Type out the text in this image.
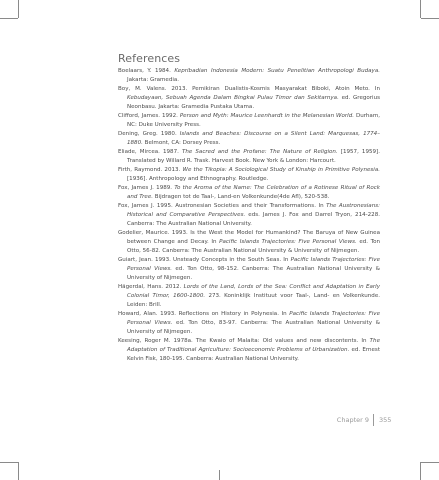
References

Boelaars, Y. 1984. Kepribadian Indonesia Modern: Suatu Penelitian Anthropologi Budaya. Jakarta: Gramedia.

Boy, M. Valens. 2013. Pemikiran Dualistis-Kosmis Masyarakat Biboki, Atoin Meto. In Kebudayaan, Sebuah Agenda Dalam Bingkai Pulau Timor dan Sekitarnya. ed. Gregorius Neonbasu. Jakarta: Gramedia Pustaka Utama.

Clifford, James. 1992. Person and Myth: Maurice Leenhardt in the Melanesian World. Durham, NC: Duke University Press.

Dening, Greg. 1980. Islands and Beaches: Discourse on a Silent Land: Marquesas, 1774–1880. Belmont, CA: Dorsey Press.

Eliade, Mircea. 1987. The Sacred and the Profane: The Nature of Religion. [1957, 1959]. Translated by Willard R. Trask. Harvest Book. New York & London: Harcourt.

Firth, Raymond. 2013. We the Tikopia: A Sociological Study of Kinship in Primitive Polynesia. [1936]. Anthropology and Ethnography. Routledge.

Fox, James J. 1989. To the Aroma of the Name: The Celebration of a Rotinese Ritual of Rock and Tree. Bijdragen tot de Taal-, Land-en Volkenkunde(4de Afl), 520-538.

Fox, James J. 1995. Austronesian Societies and their Transformations. In The Austronesians: Historical and Comparative Perspectives. eds. James J. Fox and Darrel Tryon, 214-228. Canberra: The Australian National University.

Godelier, Maurice. 1993. Is the West the Model for Humankind? The Baruya of New Guinea between Change and Decay. In Pacific Islands Trajectories: Five Personal Views. ed. Ton Otto, 56-82. Canberra: The Australian National University & University of Nijmegen.

Guiart, Jean. 1993. Unsteady Concepts in the South Seas. In Pacific Islands Trajectories: Five Personal Views. ed. Ton Otto, 98-152. Canberra: The Australian National University & University of Nijmegen.

Hägerdal, Hans. 2012. Lords of the Land, Lords of the Sea: Conflict and Adaptation in Early Colonial Timor, 1600-1800. 273. Koninklijk Instituut voor Taal-, Land- en Volkenkunde. Leiden: Brill.

Howard, Alan. 1993. Reflections on History in Polynesia. In Pacific Islands Trajectories: Five Personal Views. ed. Ton Otto, 83-97. Canberra: The Australian National University & University of Nijmegen.

Keesing, Roger M. 1978a. The Kwaio of Malaita: Old values and new discontents. In The Adaptation of Traditional Agriculture: Socioeconomic Problems of Urbanization. ed. Ernest Kelvin Fisk, 180-195. Canberra: Australian National University.

Chapter 9 355
